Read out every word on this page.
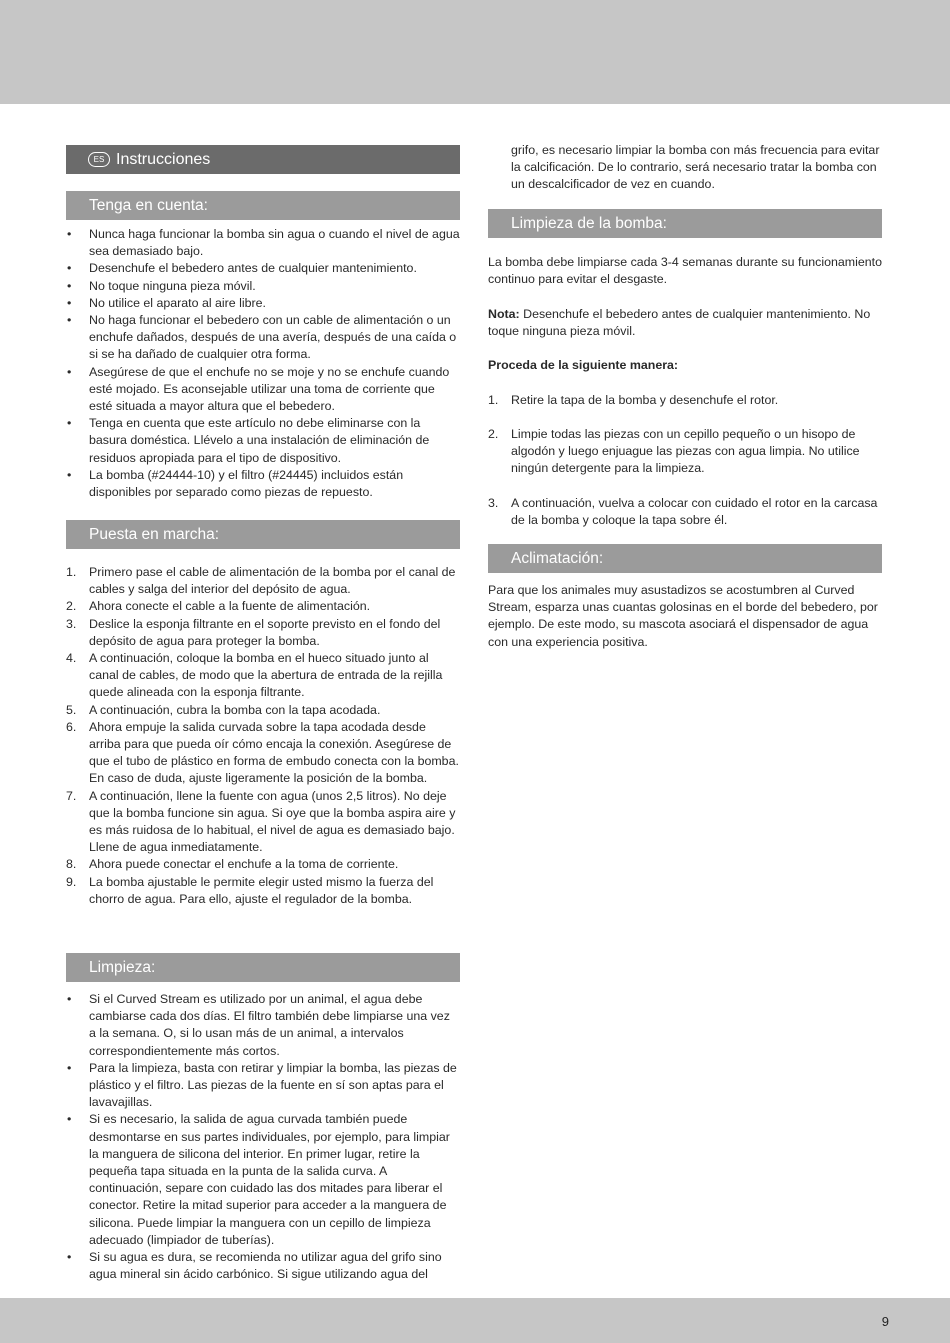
ES Instrucciones
Tenga en cuenta:
• Nunca haga funcionar la bomba sin agua o cuando el nivel de agua sea demasiado bajo.
• Desenchufe el bebedero antes de cualquier mantenimiento.
• No toque ninguna pieza móvil.
• No utilice el aparato al aire libre.
• No haga funcionar el bebedero con un cable de alimentación o un enchufe dañados, después de una avería, después de una caída o si se ha dañado de cualquier otra forma.
• Asegúrese de que el enchufe no se moje y no se enchufe cuando esté mojado. Es aconsejable utilizar una toma de corriente que esté situada a mayor altura que el bebedero.
• Tenga en cuenta que este artículo no debe eliminarse con la basura doméstica. Llévelo a una instalación de eliminación de residuos apropiada para el tipo de dispositivo.
• La bomba (#24444-10) y el filtro (#24445) incluidos están disponibles por separado como piezas de repuesto.
Puesta en marcha:
1. Primero pase el cable de alimentación de la bomba por el canal de cables y salga del interior del depósito de agua.
2. Ahora conecte el cable a la fuente de alimentación.
3. Deslice la esponja filtrante en el soporte previsto en el fondo del depósito de agua para proteger la bomba.
4. A continuación, coloque la bomba en el hueco situado junto al canal de cables, de modo que la abertura de entrada de la rejilla quede alineada con la esponja filtrante.
5. A continuación, cubra la bomba con la tapa acodada.
6. Ahora empuje la salida curvada sobre la tapa acodada desde arriba para que pueda oír cómo encaja la conexión. Asegúrese de que el tubo de plástico en forma de embudo conecta con la bomba. En caso de duda, ajuste ligeramente la posición de la bomba.
7. A continuación, llene la fuente con agua (unos 2,5 litros). No deje que la bomba funcione sin agua. Si oye que la bomba aspira aire y es más ruidosa de lo habitual, el nivel de agua es demasiado bajo. Llene de agua inmediatamente.
8. Ahora puede conectar el enchufe a la toma de corriente.
9. La bomba ajustable le permite elegir usted mismo la fuerza del chorro de agua. Para ello, ajuste el regulador de la bomba.
Limpieza:
• Si el Curved Stream es utilizado por un animal, el agua debe cambiarse cada dos días. El filtro también debe limpiarse una vez a la semana. O, si lo usan más de un animal, a intervalos correspondientemente más cortos.
• Para la limpieza, basta con retirar y limpiar la bomba, las piezas de plástico y el filtro. Las piezas de la fuente en sí son aptas para el lavavajillas.
• Si es necesario, la salida de agua curvada también puede desmontarse en sus partes individuales, por ejemplo, para limpiar la manguera de silicona del interior. En primer lugar, retire la pequeña tapa situada en la punta de la salida curva. A continuación, separe con cuidado las dos mitades para liberar el conector. Retire la mitad superior para acceder a la manguera de silicona. Puede limpiar la manguera con un cepillo de limpieza adecuado (limpiador de tuberías).
• Si su agua es dura, se recomienda no utilizar agua del grifo sino agua mineral sin ácido carbónico. Si sigue utilizando agua del

grifo, es necesario limpiar la bomba con más frecuencia para evitar la calcificación. De lo contrario, será necesario tratar la bomba con un descalcificador de vez en cuando.

Limpieza de la bomba:

La bomba debe limpiarse cada 3-4 semanas durante su funcionamiento continuo para evitar el desgaste.

Nota: Desenchufe el bebedero antes de cualquier mantenimiento. No toque ninguna pieza móvil.

Proceda de la siguiente manera:

1. Retire la tapa de la bomba y desenchufe el rotor.
2. Limpie todas las piezas con un cepillo pequeño o un hisopo de algodón y luego enjuague las piezas con agua limpia. No utilice ningún detergente para la limpieza.
3. A continuación, vuelva a colocar con cuidado el rotor en la carcasa de la bomba y coloque la tapa sobre él.
Aclimatación:

Para que los animales muy asustadizos se acostumbren al Curved Stream, esparza unas cuantas golosinas en el borde del bebedero, por ejemplo. De este modo, su mascota asociará el dispensador de agua con una experiencia positiva.

9
